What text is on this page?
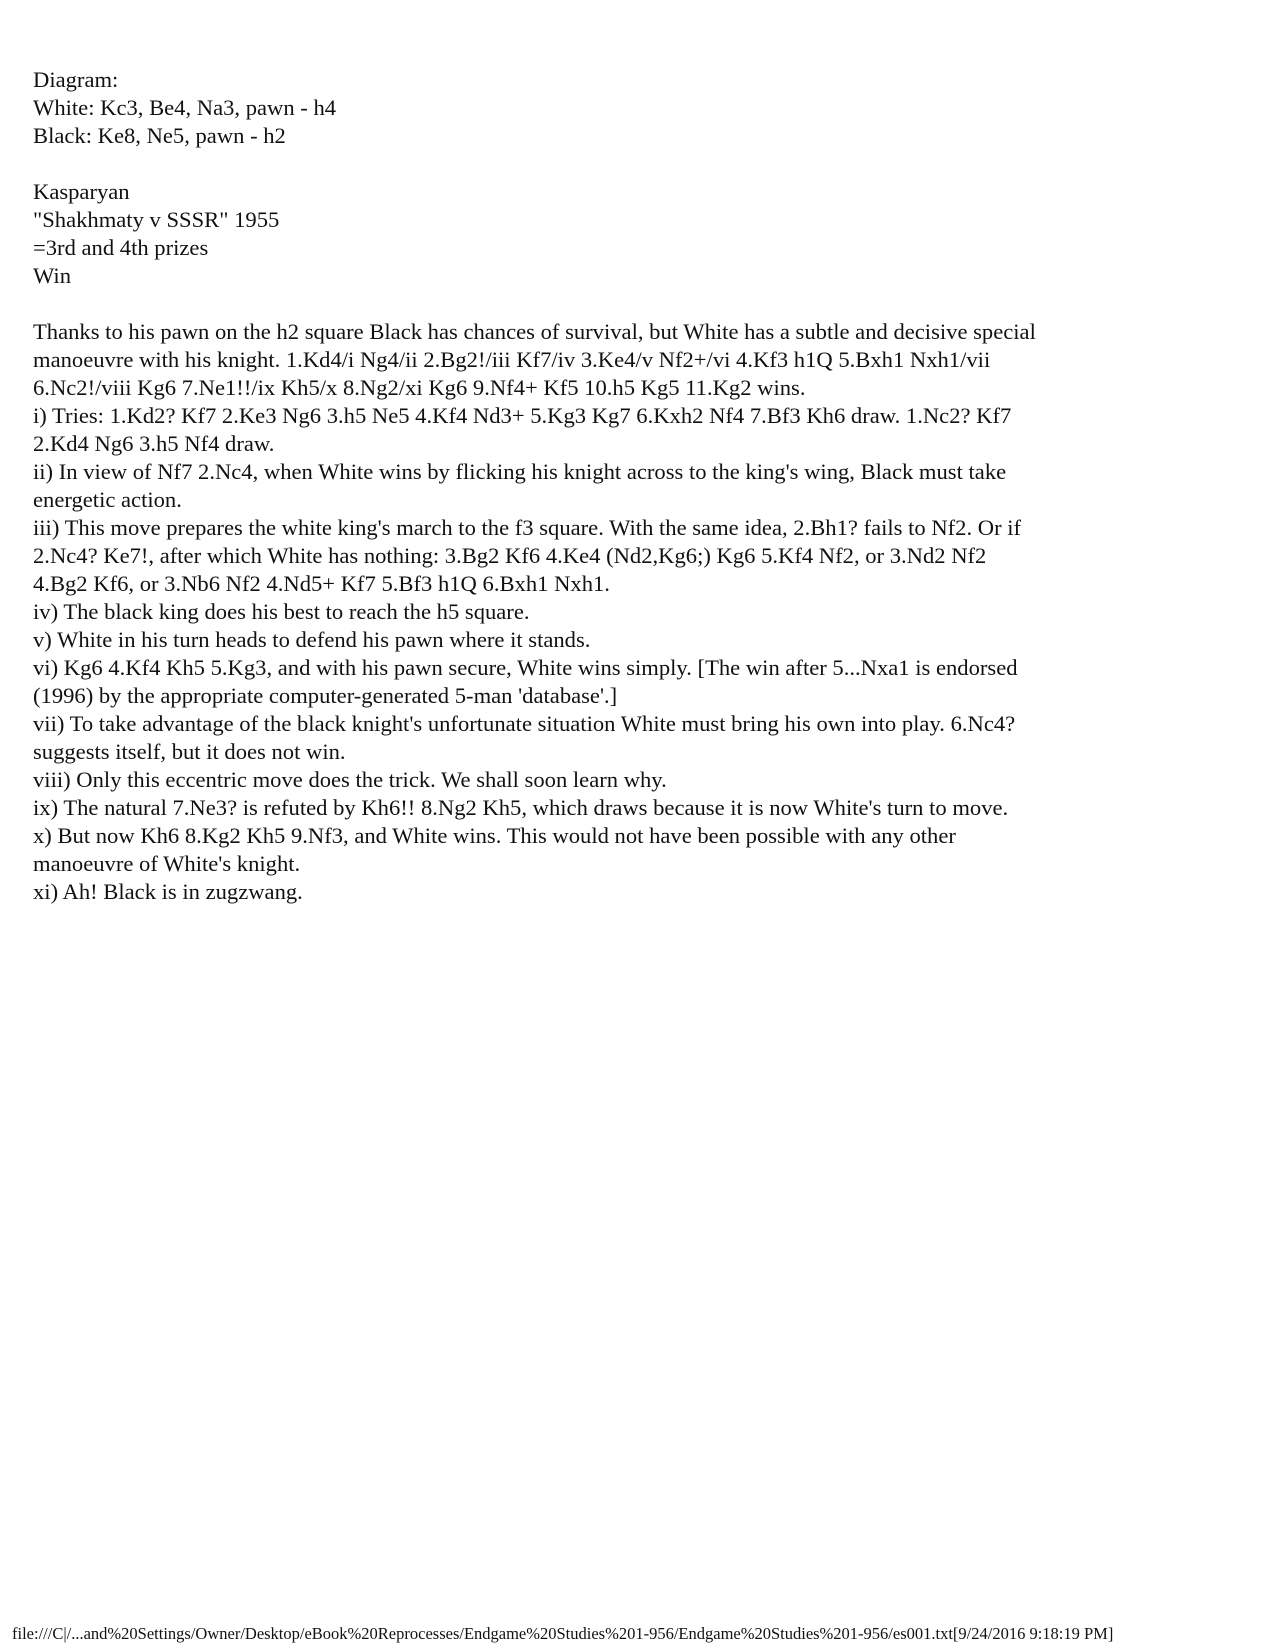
Diagram:
White: Kc3, Be4, Na3, pawn - h4
Black: Ke8, Ne5, pawn - h2
Kasparyan
"Shakhmaty v SSSR" 1955
=3rd and 4th prizes
Win

Thanks to his pawn on the h2 square Black has chances of survival, but White has a subtle and decisive special manoeuvre with his knight. 1.Kd4/i Ng4/ii 2.Bg2!/iii Kf7/iv 3.Ke4/v Nf2+/vi 4.Kf3 h1Q 5.Bxh1 Nxh1/vii 6.Nc2!/viii Kg6 7.Ne1!!/ix Kh5/x 8.Ng2/xi Kg6 9.Nf4+ Kf5 10.h5 Kg5 11.Kg2 wins.

i) Tries: 1.Kd2? Kf7 2.Ke3 Ng6 3.h5 Ne5 4.Kf4 Nd3+ 5.Kg3 Kg7 6.Kxh2 Nf4 7.Bf3 Kh6 draw. 1.Nc2? Kf7 2.Kd4 Ng6 3.h5 Nf4 draw.

ii) In view of Nf7 2.Nc4, when White wins by flicking his knight across to the king's wing, Black must take energetic action.

iii) This move prepares the white king's march to the f3 square. With the same idea, 2.Bh1? fails to Nf2. Or if 2.Nc4? Ke7!, after which White has nothing: 3.Bg2 Kf6 4.Ke4 (Nd2,Kg6;) Kg6 5.Kf4 Nf2, or 3.Nd2 Nf2 4.Bg2 Kf6, or 3.Nb6 Nf2 4.Nd5+ Kf7 5.Bf3 h1Q 6.Bxh1 Nxh1.

iv) The black king does his best to reach the h5 square.

v) White in his turn heads to defend his pawn where it stands.

vi) Kg6 4.Kf4 Kh5 5.Kg3, and with his pawn secure, White wins simply. [The win after 5...Nxa1 is endorsed (1996) by the appropriate computer-generated 5-man 'database'.]

vii) To take advantage of the black knight's unfortunate situation White must bring his own into play. 6.Nc4? suggests itself, but it does not win.

viii) Only this eccentric move does the trick. We shall soon learn why.

ix) The natural 7.Ne3? is refuted by Kh6!! 8.Ng2 Kh5, which draws because it is now White's turn to move.

x) But now Kh6 8.Kg2 Kh5 9.Nf3, and White wins. This would not have been possible with any other manoeuvre of White's knight.

xi) Ah! Black is in zugzwang.

file:///C|/...and%20Settings/Owner/Desktop/eBook%20Reprocesses/Endgame%20Studies%201-956/Endgame%20Studies%201-956/es001.txt[9/24/2016 9:18:19 PM]
